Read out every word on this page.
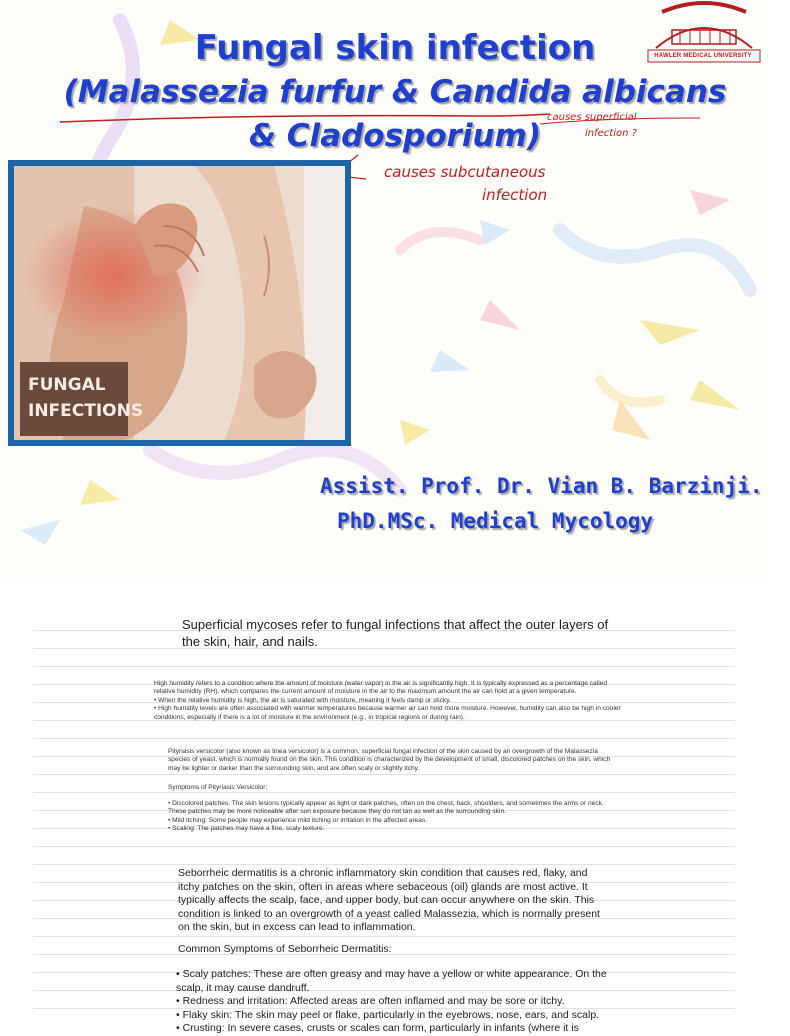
Fungal skin infection
(Malassezia furfur & Candida albicans
& Cladosporium)
HAWLER MEDICAL UNIVERSITY
causes superficial
infection ?
causes subcutaneous
infection
FUNGAL
INFECTIONS
Assist. Prof. Dr. Vian B. Barzinji.
PhD.MSc. Medical Mycology
Superficial mycoses refer to fungal infections that affect the outer layers of the skin, hair, and nails.

High humidity refers to a condition where the amount of moisture (water vapor) in the air is significantly high. It is typically expressed as a percentage called relative humidity (RH), which compares the current amount of moisture in the air to the maximum amount the air can hold at a given temperature.

• When the relative humidity is high, the air is saturated with moisture, meaning it feels damp or sticky.

• High humidity levels are often associated with warmer temperatures because warmer air can hold more moisture. However, humidity can also be high in cooler conditions, especially if there is a lot of moisture in the environment (e.g., in tropical regions or during rain).

Pityriasis versicolor (also known as tinea versicolor) is a common, superficial fungal infection of the skin caused by an overgrowth of the Malassezia species of yeast, which is normally found on the skin. This condition is characterized by the development of small, discolored patches on the skin, which may be lighter or darker than the surrounding skin, and are often scaly or slightly itchy.
Symptoms of Pityriasis Versicolor:

• Discolored patches: The skin lesions typically appear as light or dark patches, often on the chest, back, shoulders, and sometimes the arms or neck. These patches may be more noticeable after sun exposure because they do not tan as well as the surrounding skin.

• Mild itching: Some people may experience mild itching or irritation in the affected areas.

• Scaling: The patches may have a fine, scaly texture.

Seborrheic dermatitis is a chronic inflammatory skin condition that causes red, flaky, and itchy patches on the skin, often in areas where sebaceous (oil) glands are most active. It typically affects the scalp, face, and upper body, but can occur anywhere on the skin. This condition is linked to an overgrowth of a yeast called Malassezia, which is normally present on the skin, but in excess can lead to inflammation.
Common Symptoms of Seborrheic Dermatitis:

• Scaly patches: These are often greasy and may have a yellow or white appearance. On the scalp, it may cause dandruff.

• Redness and irritation: Affected areas are often inflamed and may be sore or itchy.

• Flaky skin: The skin may peel or flake, particularly in the eyebrows, nose, ears, and scalp.

• Crusting: In severe cases, crusts or scales can form, particularly in infants (where it is
